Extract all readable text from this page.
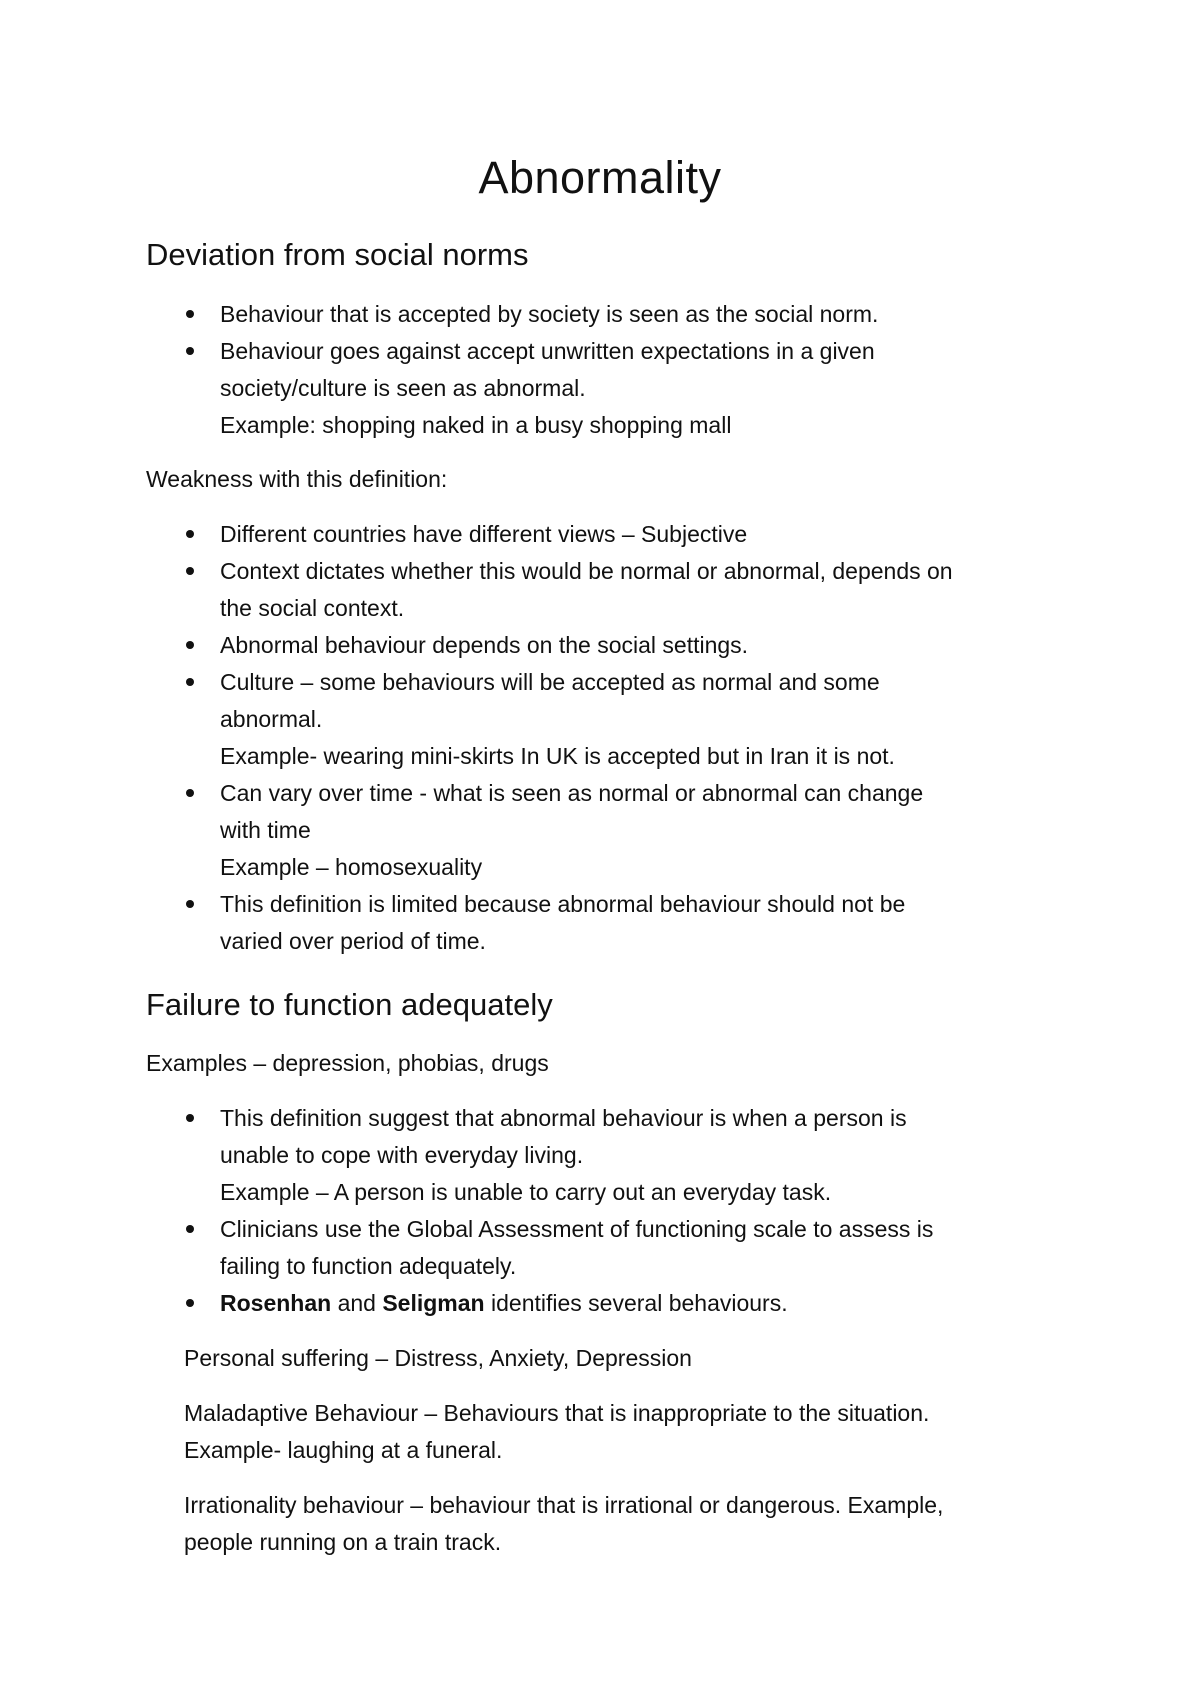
Abnormality
Deviation from social norms
Behaviour that is accepted by society is seen as the social norm.
Behaviour goes against accept unwritten expectations in a given
society/culture is seen as abnormal.
Example: shopping naked in a busy shopping mall
Weakness with this definition:
Different countries have different views – Subjective
Context dictates whether this would be normal or abnormal, depends on
the social context.
Abnormal behaviour depends on the social settings.
Culture – some behaviours will be accepted as normal and some
abnormal.
Example- wearing mini-skirts In UK is accepted but in Iran it is not.
Can vary over time - what is seen as normal or abnormal can change
with time
Example – homosexuality
This definition is limited because abnormal behaviour should not be
varied over period of time.
Failure to function adequately
Examples – depression, phobias, drugs
This definition suggest that abnormal behaviour is when a person is
unable to cope with everyday living.
Example – A person is unable to carry out an everyday task.
Clinicians use the Global Assessment of functioning scale to assess is
failing to function adequately.
Rosenhan and Seligman identifies several behaviours.
Personal suffering – Distress, Anxiety, Depression
Maladaptive Behaviour – Behaviours that is inappropriate to the situation.
Example- laughing at a funeral.
Irrationality behaviour – behaviour that is irrational or dangerous. Example,
people running on a train track.
